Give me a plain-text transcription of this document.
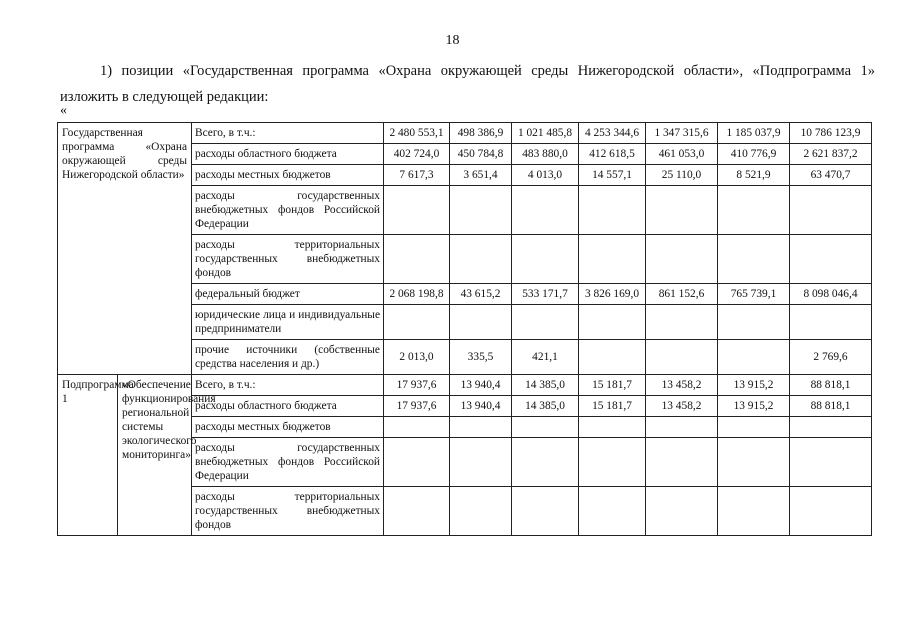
18
1) позиции «Государственная программа «Охрана окружающей среды Нижегородской области», «Подпрограмма 1» изложить в следующей редакции:
«
Государственная программа «Охрана окружающей среды Нижегородской области»		Всего, в т.ч.:	2 480 553,1	498 386,9	1 021 485,8	4 253 344,6	1 347 315,6	1 185 037,9	10 786 123,9
		расходы областного бюджета	402 724,0	450 784,8	483 880,0	412 618,5	461 053,0	410 776,9	2 621 837,2
		расходы местных бюджетов	7 617,3	3 651,4	4 013,0	14 557,1	25 110,0	8 521,9	63 470,7
		расходы государственных внебюджетных фондов Российской Федерации							
		расходы территориальных государственных внебюджетных фондов							
		федеральный бюджет	2 068 198,8	43 615,2	533 171,7	3 826 169,0	861 152,6	765 739,1	8 098 046,4
		юридические лица и индивидуальные предприниматели							
		прочие источники (собственные средства населения и др.)	2 013,0	335,5	421,1				2 769,6
Подпрограмма 1	«Обеспечение функционирования региональной системы экологического мониторинга»	Всего, в т.ч.:	17 937,6	13 940,4	14 385,0	15 181,7	13 458,2	13 915,2	88 818,1
		расходы областного бюджета	17 937,6	13 940,4	14 385,0	15 181,7	13 458,2	13 915,2	88 818,1
		расходы местных бюджетов							
		расходы государственных внебюджетных фондов Российской Федерации							
		расходы территориальных государственных внебюджетных фондов							
